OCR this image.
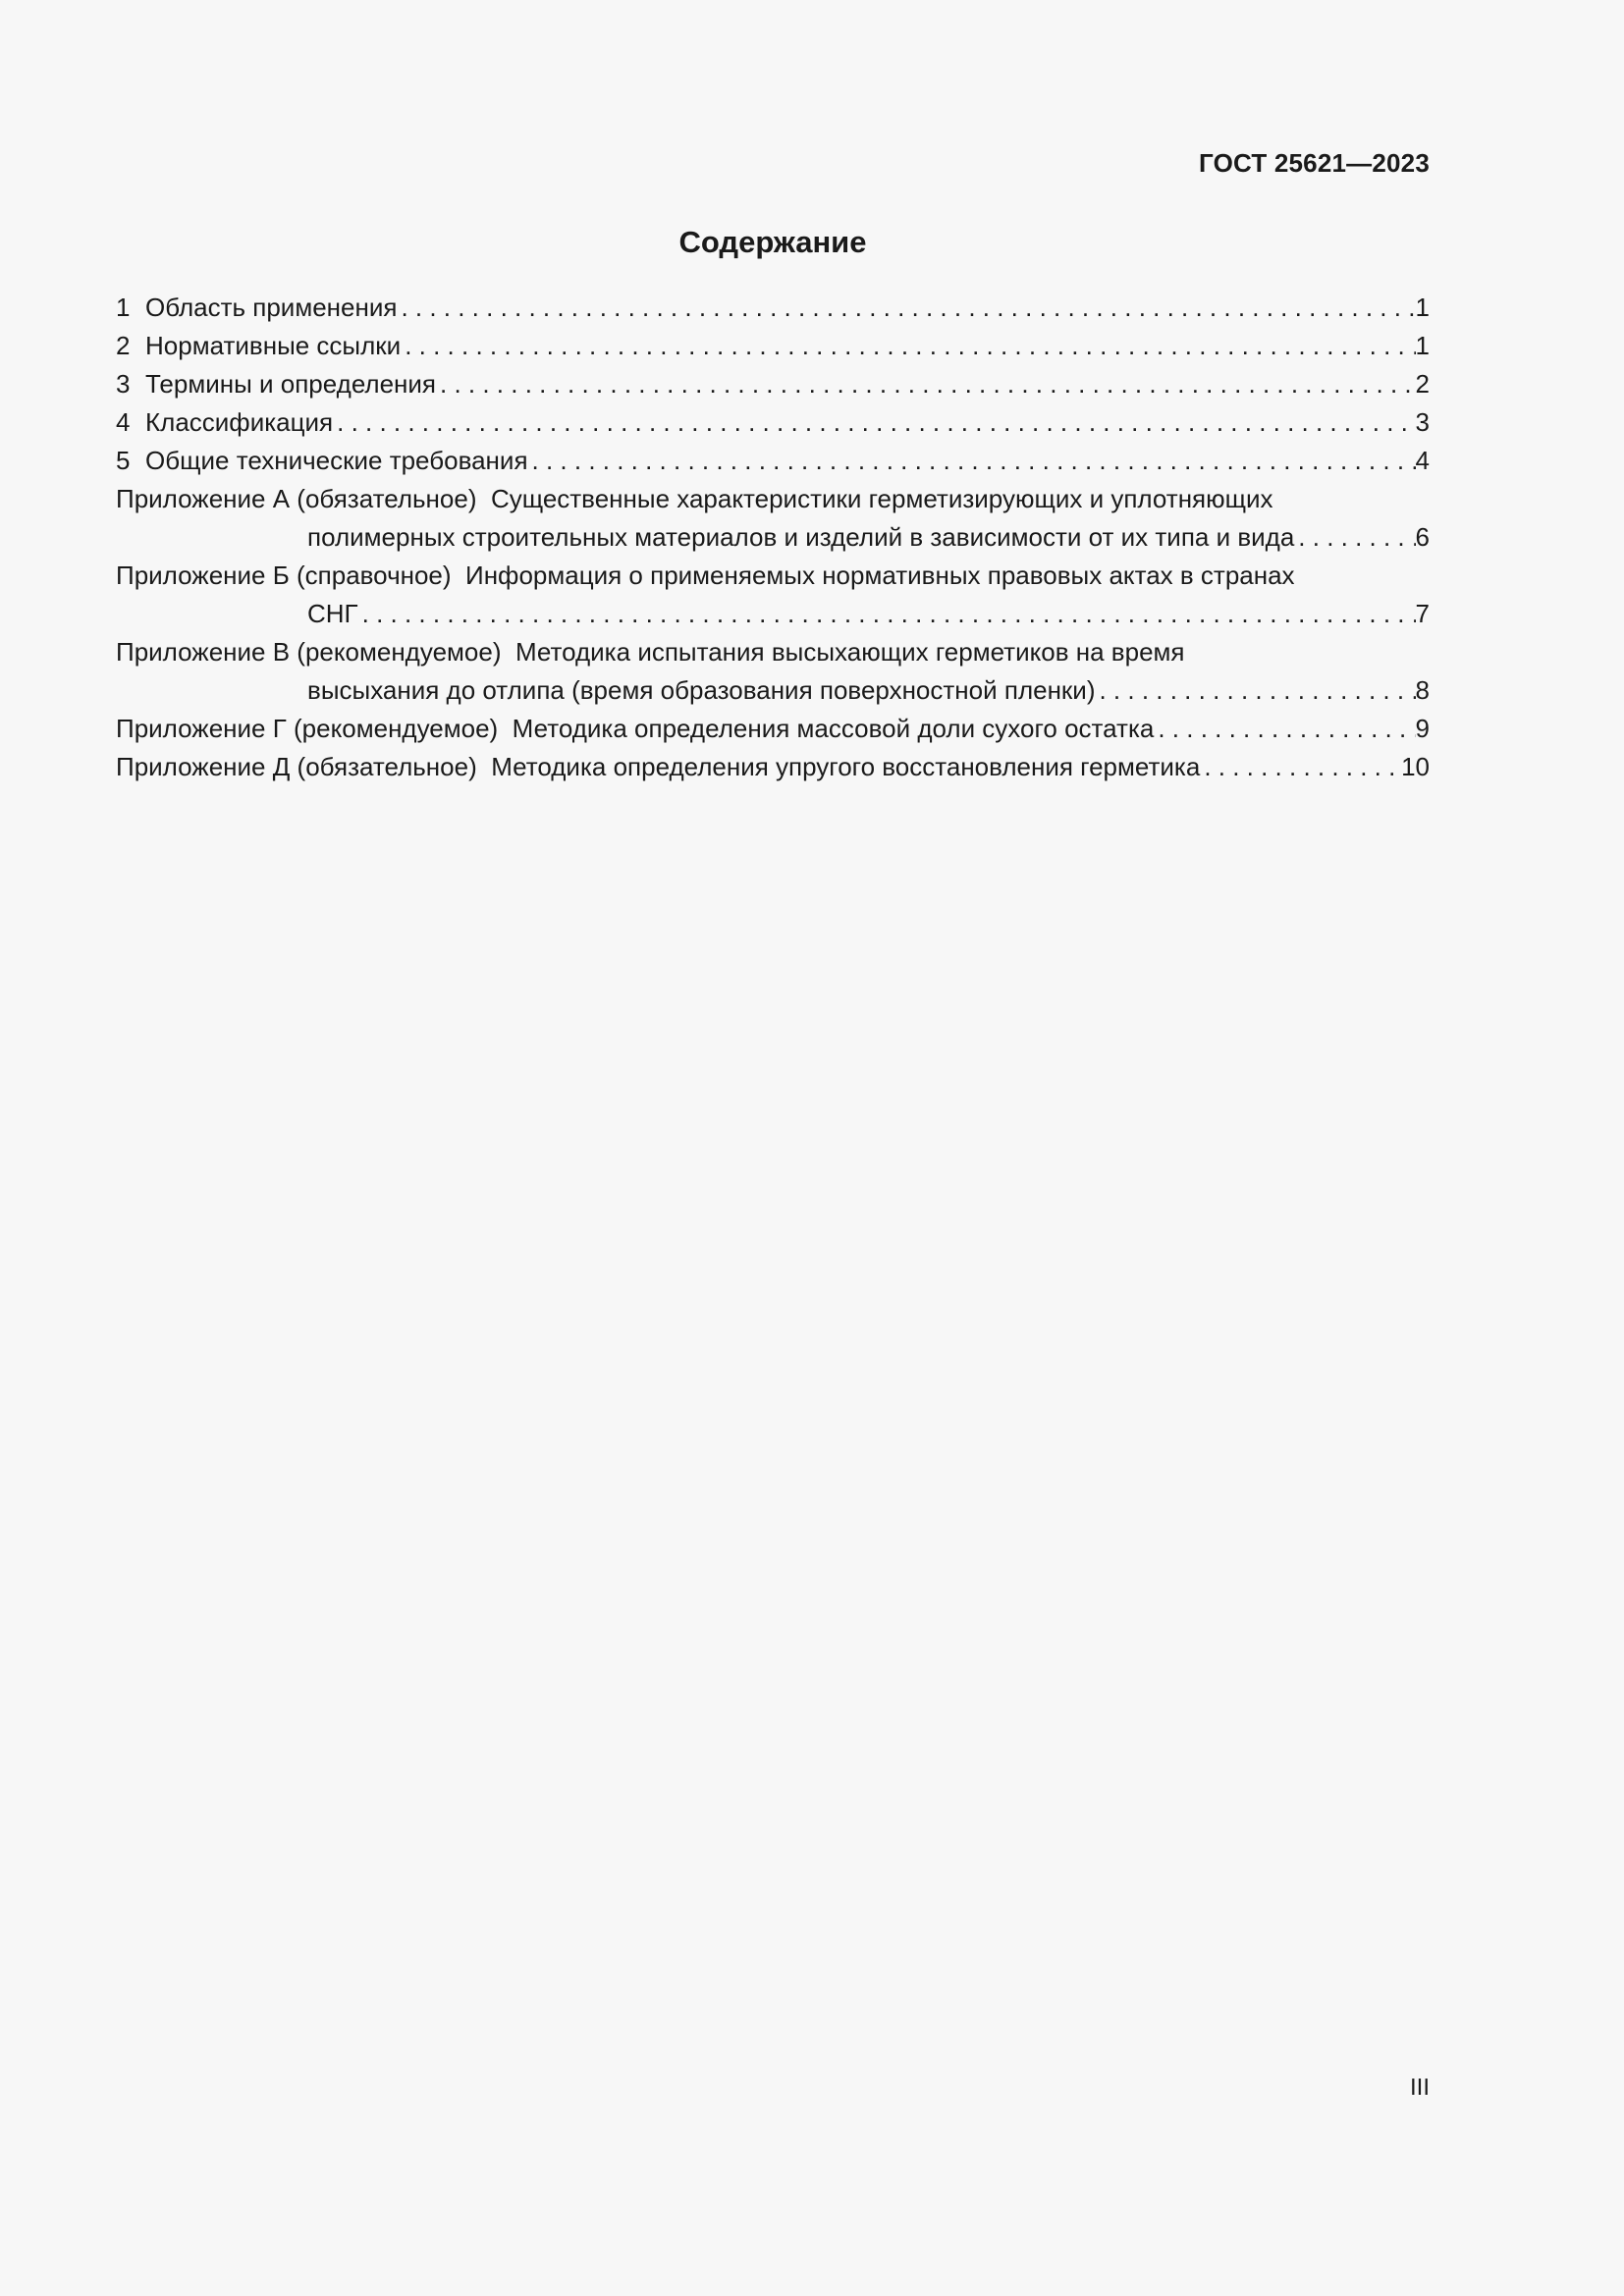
ГОСТ 25621—2023
Содержание
1 Область применения . . .	1
2 Нормативные ссылки . . .	1
3 Термины и определения . . .	2
4 Классификация . . .	3
5 Общие технические требования . . .	4
Приложение А (обязательное) Существенные характеристики герметизирующих и уплотняющих
полимерных строительных материалов и изделий в зависимости от их типа и вида . . .	6
Приложение Б (справочное) Информация о применяемых нормативных правовых актах в странах
СНГ . . .	7
Приложение В (рекомендуемое) Методика испытания высыхающих герметиков на время
высыхания до отлипа (время образования поверхностной пленки) . . .	8
Приложение Г (рекомендуемое) Методика определения массовой доли сухого остатка . . .	9
Приложение Д (обязательное) Методика определения упругого восстановления герметика . . .	10
III
